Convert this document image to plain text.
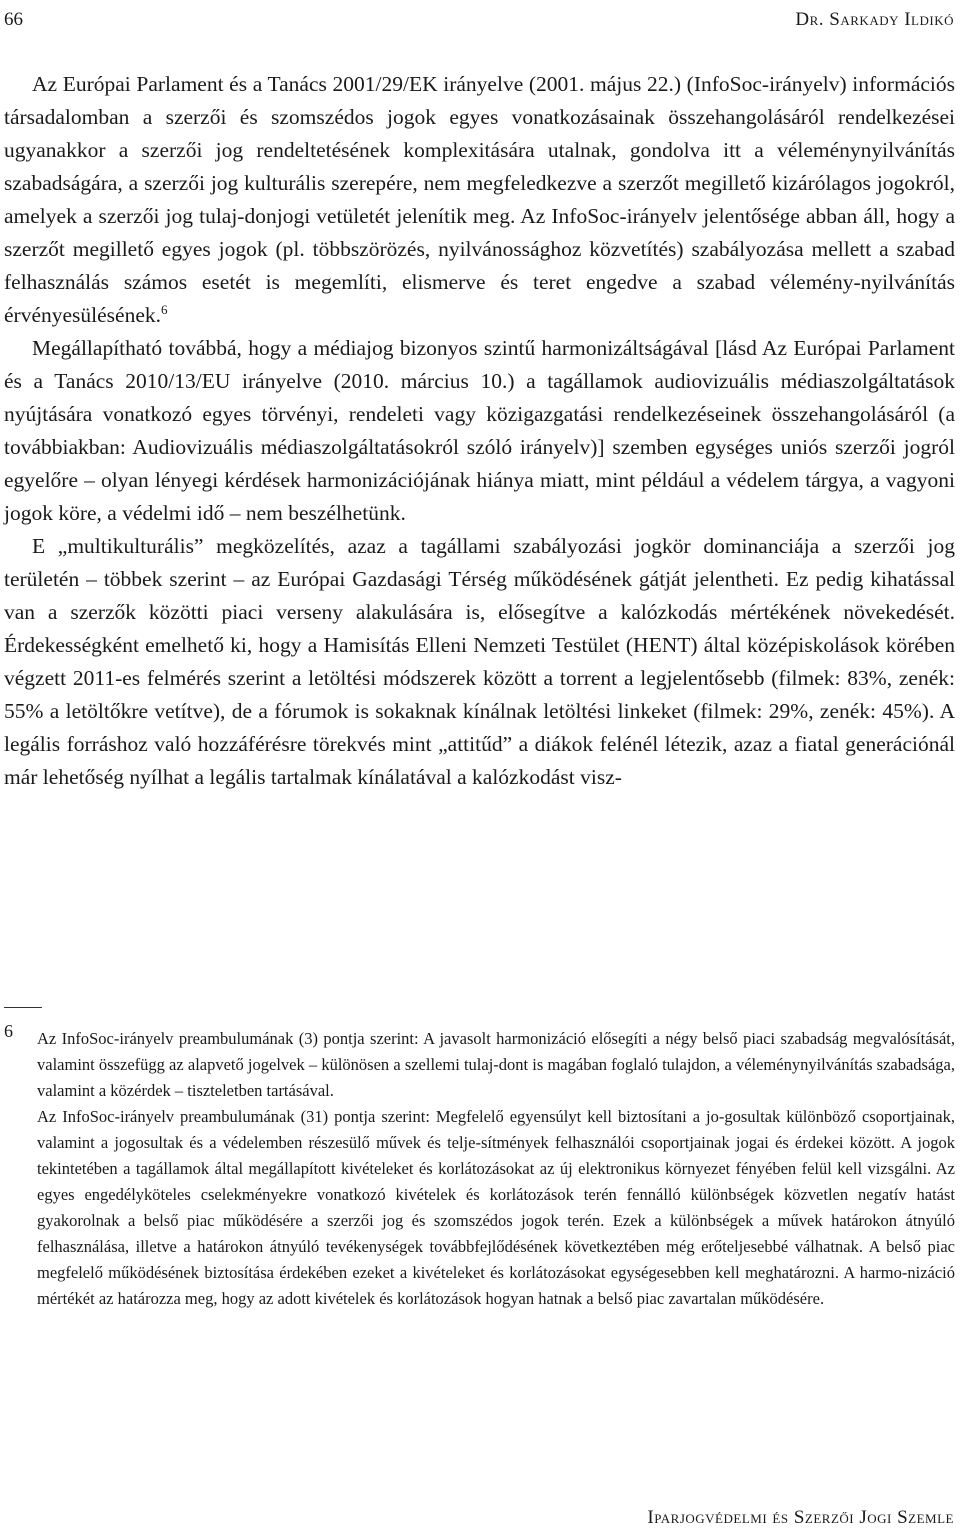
66	Dr. Sarkady Ildikó

Az Európai Parlament és a Tanács 2001/29/EK irányelve (2001. május 22.) (InfoSoc-irányelv) információs társadalomban a szerzői és szomszédos jogok egyes vonatkozásainak összehangolásáról rendelkezései ugyanakkor a szerzői jog rendeltetésének komplexitására utalnak, gondolva itt a véleménynyilvánítás szabadságára, a szerzői jog kulturális szerepére, nem megfeledkezve a szerzőt megillető kizárólagos jogokról, amelyek a szerzői jog tulaj-donjogi vetületét jelenítik meg. Az InfoSoc-irányelv jelentősége abban áll, hogy a szerzőt megillető egyes jogok (pl. többszörözés, nyilvánossághoz közvetítés) szabályozása mellett a szabad felhasználás számos esetét is megemlíti, elismerve és teret engedve a szabad vélemény-nyilvánítás érvényesülésének.$^6$

Megállapítható továbbá, hogy a médiajog bizonyos szintű harmonizáltságával [lásd Az Európai Parlament és a Tanács 2010/13/EU irányelve (2010. március 10.) a tagállamok audiovizuális médiaszolgáltatások nyújtására vonatkozó egyes törvényi, rendeleti vagy közigazgatási rendelkezéseinek összehangolásáról (a továbbiakban: Audiovizuális médiaszolgáltatásokról szóló irányelv)] szemben egységes uniós szerzői jogról egyelőre – olyan lényegi kérdések harmonizációjának hiánya miatt, mint például a védelem tárgya, a vagyoni jogok köre, a védelmi idő – nem beszélhetünk.

E „multikulturális” megközelítés, azaz a tagállami szabályozási jogkör dominanciája a szerzői jog területén – többek szerint – az Európai Gazdasági Térség működésének gátját jelentheti. Ez pedig kihatással van a szerzők közötti piaci verseny alakulására is, elősegítve a kalózkodás mértékének növekedését. Érdekességként emelhető ki, hogy a Hamisítás Elleni Nemzeti Testület (HENT) által középiskolások körében végzett 2011-es felmérés szerint a letöltési módszerek között a torrent a legjelentősebb (filmek: 83%, zenék: 55% a letöltőkre vetítve), de a fórumok is sokaknak kínálnak letöltési linkeket (filmek: 29%, zenék: 45%). A legális forráshoz való hozzáférésre törekvés mint „attitűd” a diákok felénél létezik, azaz a fiatal generációnál már lehetőség nyílhat a legális tartalmak kínálatával a kalózkodást visz-

6 Az InfoSoc-irányelv preambulumának (3) pontja szerint: A javasolt harmonizáció elősegíti a négy belső piaci szabadság megvalósítását, valamint összefügg az alapvető jogelvek – különösen a szellemi tulaj-dont is magában foglaló tulajdon, a véleménynyilvánítás szabadsága, valamint a közérdek – tiszteletben tartásával.

Az InfoSoc-irányelv preambulumának (31) pontja szerint: Megfelelő egyensúlyt kell biztosítani a jo-gosultak különböző csoportjainak, valamint a jogosultak és a védelemben részesülő művek és telje-sítmények felhasználói csoportjainak jogai és érdekei között. A jogok tekintetében a tagállamok által megállapított kivételeket és korlátozásokat az új elektronikus környezet fényében felül kell vizsgálni. Az egyes engedélyköteles cselekményekre vonatkozó kivételek és korlátozások terén fennálló különbségek közvetlen negatív hatást gyakorolnak a belső piac működésére a szerzői jog és szomszédos jogok terén. Ezek a különbségek a művek határokon átnyúló felhasználása, illetve a határokon átnyúló tevékenységek továbbfejlődésének következtében még erőteljesebbé válhatnak. A belső piac megfelelő működésének biztosítása érdekében ezeket a kivételeket és korlátozásokat egységesebben kell meghatározni. A harmo-nizáció mértékét az határozza meg, hogy az adott kivételek és korlátozások hogyan hatnak a belső piac zavartalan működésére.

Iparjogvédelmi és Szerzői Jogi Szemle
